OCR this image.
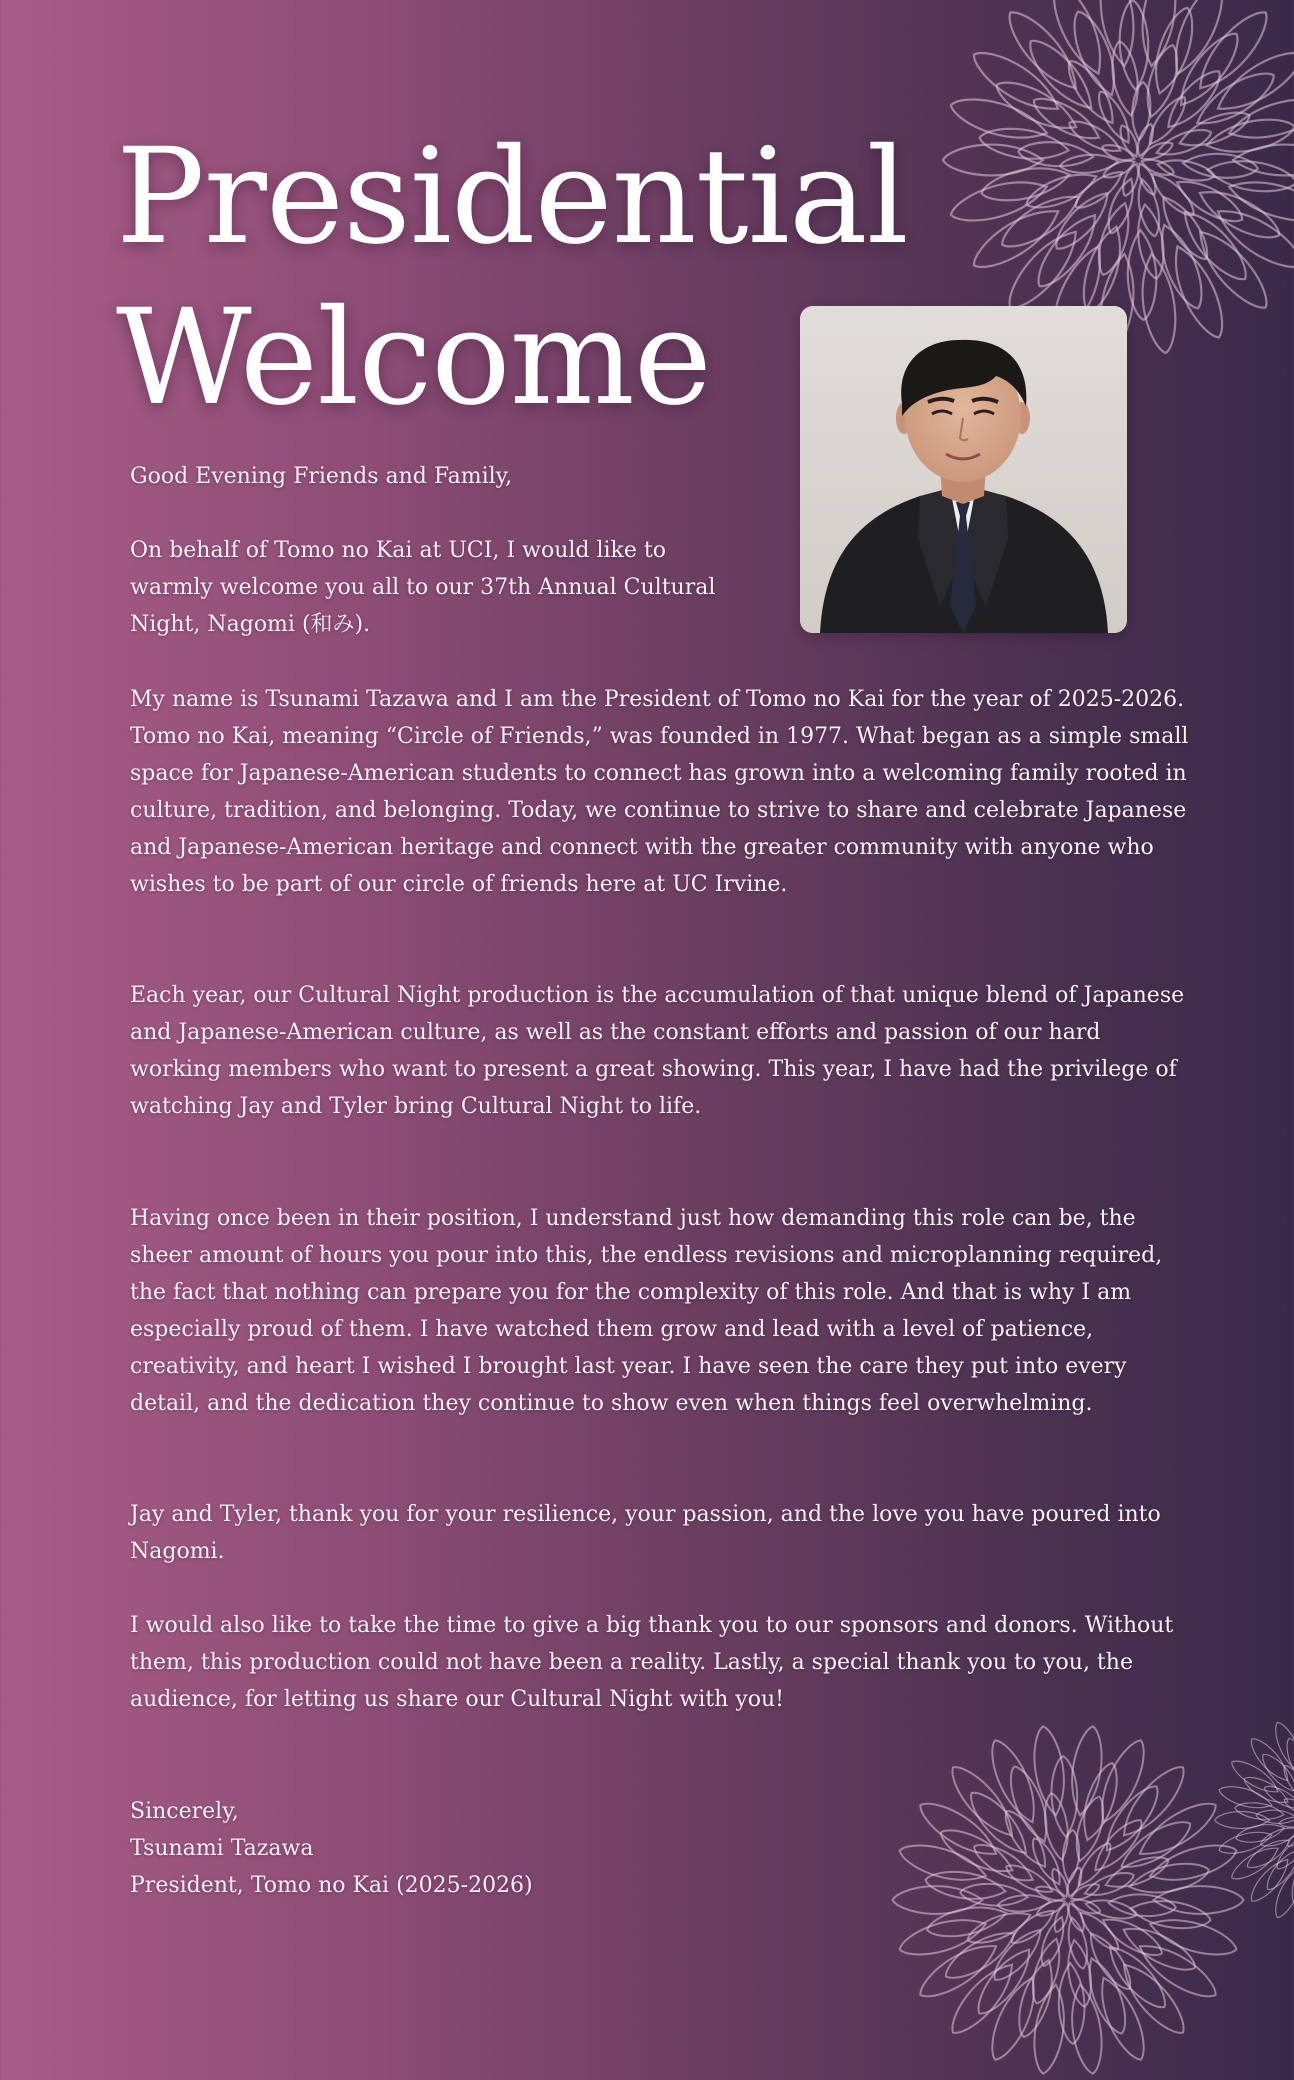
Presidential
Welcome

Good Evening Friends and Family,

On behalf of Tomo no Kai at UCI, I would like to warmly welcome you all to our 37th Annual Cultural Night, Nagomi (和み).

My name is Tsunami Tazawa and I am the President of Tomo no Kai for the year of 2025-2026. Tomo no Kai, meaning “Circle of Friends,” was founded in 1977. What began as a simple small space for Japanese-American students to connect has grown into a welcoming family rooted in culture, tradition, and belonging. Today, we continue to strive to share and celebrate Japanese and Japanese-American heritage and connect with the greater community with anyone who wishes to be part of our circle of friends here at UC Irvine.

Each year, our Cultural Night production is the accumulation of that unique blend of Japanese and Japanese-American culture, as well as the constant efforts and passion of our hard working members who want to present a great showing. This year, I have had the privilege of watching Jay and Tyler bring Cultural Night to life.

Having once been in their position, I understand just how demanding this role can be, the sheer amount of hours you pour into this, the endless revisions and microplanning required, the fact that nothing can prepare you for the complexity of this role. And that is why I am especially proud of them. I have watched them grow and lead with a level of patience, creativity, and heart I wished I brought last year. I have seen the care they put into every detail, and the dedication they continue to show even when things feel overwhelming.

Jay and Tyler, thank you for your resilience, your passion, and the love you have poured into Nagomi.

I would also like to take the time to give a big thank you to our sponsors and donors. Without them, this production could not have been a reality. Lastly, a special thank you to you, the audience, for letting us share our Cultural Night with you!

Sincerely,
Tsunami Tazawa
President, Tomo no Kai (2025-2026)
